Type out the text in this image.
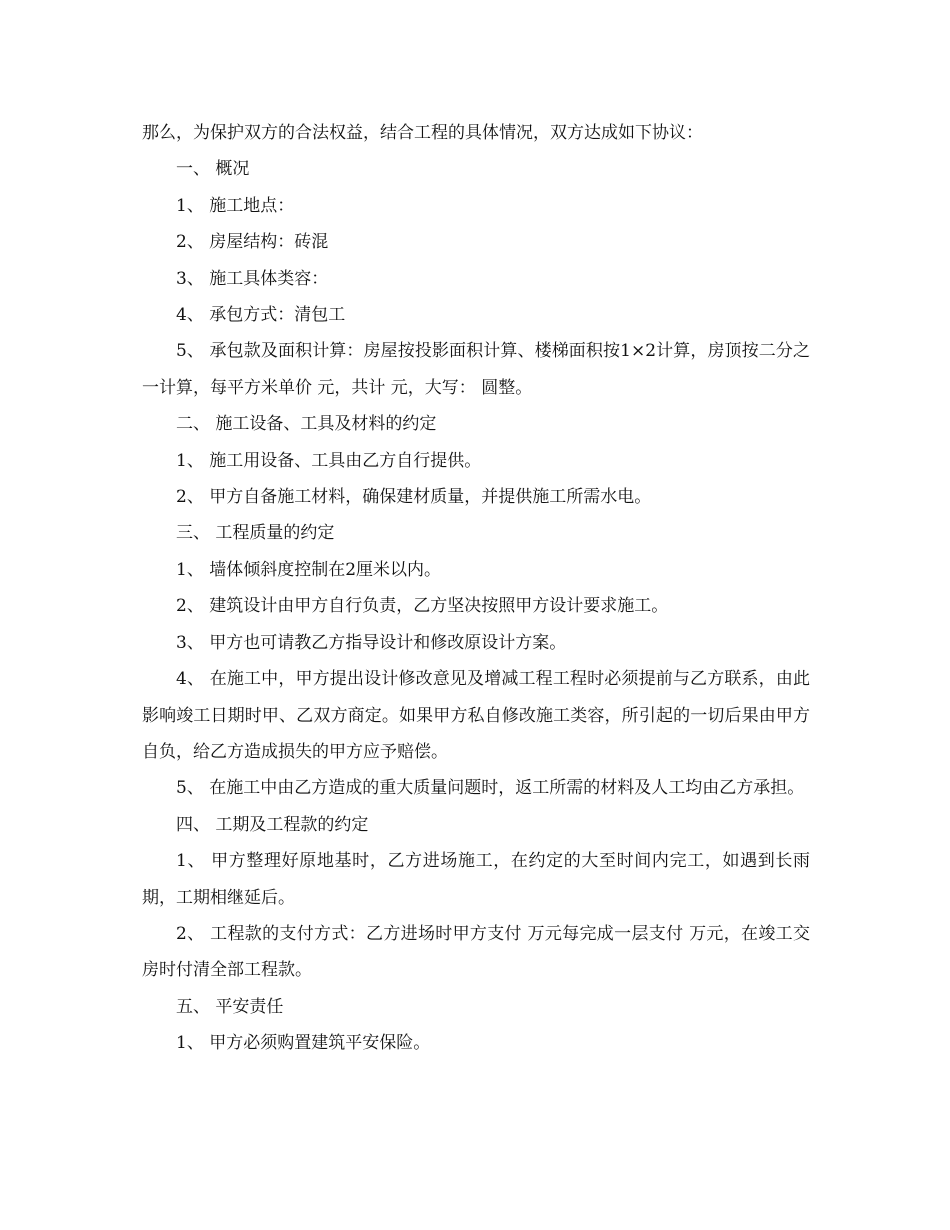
那么，为保护双方的合法权益，结合工程的具体情况，双方达成如下协议：

一、 概况

1、 施工地点：

2、 房屋结构：砖混

3、 施工具体类容：

4、 承包方式：清包工

5、 承包款及面积计算：房屋按投影面积计算、楼梯面积按1×2计算，房顶按二分之一计算，每平方米单价 元，共计 元，大写： 圆整。

二、 施工设备、工具及材料的约定

1、 施工用设备、工具由乙方自行提供。

2、 甲方自备施工材料，确保建材质量，并提供施工所需水电。

三、 工程质量的约定

1、 墙体倾斜度控制在2厘米以内。

2、 建筑设计由甲方自行负责，乙方坚决按照甲方设计要求施工。

3、 甲方也可请教乙方指导设计和修改原设计方案。

4、 在施工中，甲方提出设计修改意见及增减工程工程时必须提前与乙方联系，由此影响竣工日期时甲、乙双方商定。如果甲方私自修改施工类容，所引起的一切后果由甲方自负，给乙方造成损失的甲方应予赔偿。

5、 在施工中由乙方造成的重大质量问题时，返工所需的材料及人工均由乙方承担。

四、 工期及工程款的约定

1、 甲方整理好原地基时，乙方进场施工，在约定的大至时间内完工，如遇到长雨期，工期相继延后。

2、 工程款的支付方式：乙方进场时甲方支付 万元每完成一层支付 万元，在竣工交房时付清全部工程款。

五、 平安责任

1、 甲方必须购置建筑平安保险。
